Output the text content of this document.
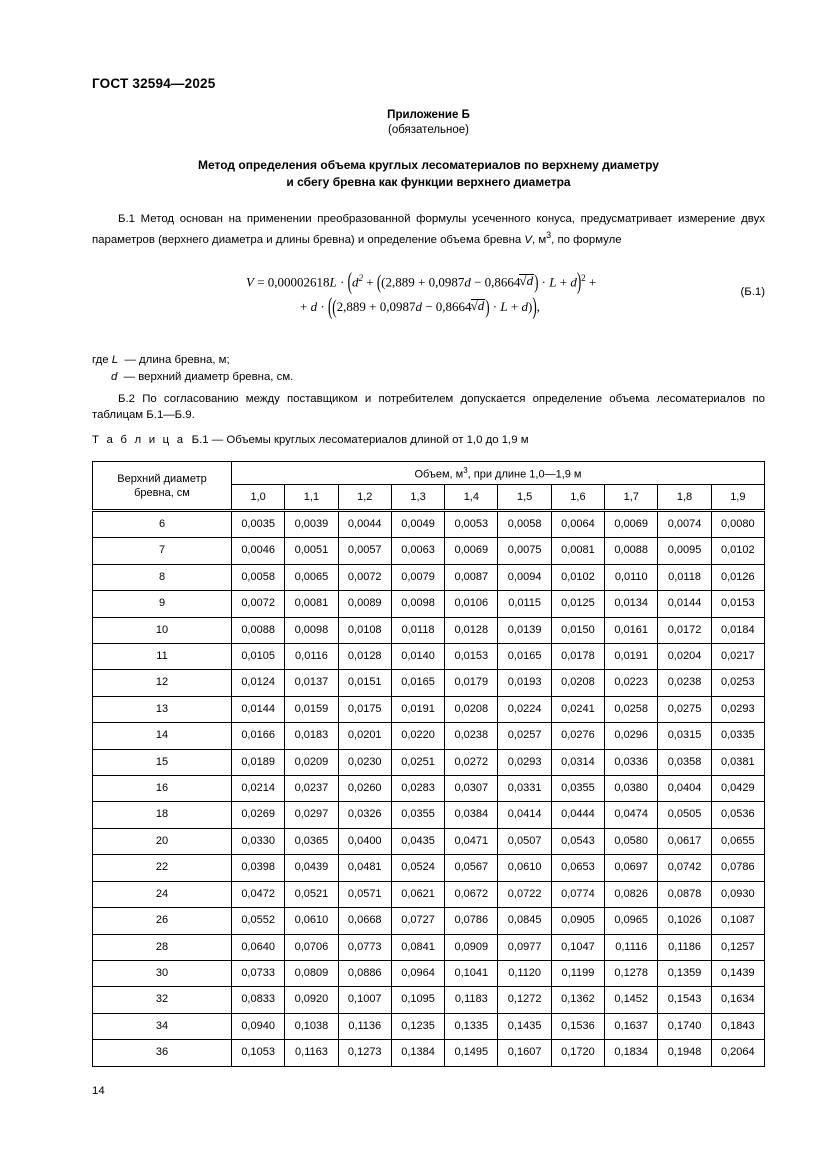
ГОСТ 32594—2025
Приложение Б
(обязательное)
Метод определения объема круглых лесоматериалов по верхнему диаметру
и сбегу бревна как функции верхнего диаметра
Б.1 Метод основан на применении преобразованной формулы усеченного конуса, предусматривает измерение двух параметров (верхнего диаметра и длины бревна) и определение объема бревна V, $м^3$, по формуле
$V = 0,00002618L \cdot (d^2 + ((2,889 + 0,0987d - 0,8664√d) \cdot L + d)^2$ +
+ d · ((2,889 + 0,0987d − 0,8664√d) · L + d)),
(Б.1)
где L  — длина бревна, м;
d  — верхний диаметр бревна, см.
Б.2 По согласованию между поставщиком и потребителем допускается определение объема лесоматериалов по таблицам Б.1—Б.9.
Т а б л и ц а Б.1 — Объемы круглых лесоматериалов длиной от 1,0 до 1,9 м
Верхний диаметр
бревна, см	Объем, $м^3$, при длине 1,0—1,9 м									
	1,0	1,1	1,2	1,3	1,4	1,5	1,6	1,7	1,8	1,9
6	0,0035	0,0039	0,0044	0,0049	0,0053	0,0058	0,0064	0,0069	0,0074	0,0080
7	0,0046	0,0051	0,0057	0,0063	0,0069	0,0075	0,0081	0,0088	0,0095	0,0102
8	0,0058	0,0065	0,0072	0,0079	0,0087	0,0094	0,0102	0,0110	0,0118	0,0126
9	0,0072	0,0081	0,0089	0,0098	0,0106	0,0115	0,0125	0,0134	0,0144	0,0153
10	0,0088	0,0098	0,0108	0,0118	0,0128	0,0139	0,0150	0,0161	0,0172	0,0184
11	0,0105	0,0116	0,0128	0,0140	0,0153	0,0165	0,0178	0,0191	0,0204	0,0217
12	0,0124	0,0137	0,0151	0,0165	0,0179	0,0193	0,0208	0,0223	0,0238	0,0253
13	0,0144	0,0159	0,0175	0,0191	0,0208	0,0224	0,0241	0,0258	0,0275	0,0293
14	0,0166	0,0183	0,0201	0,0220	0,0238	0,0257	0,0276	0,0296	0,0315	0,0335
15	0,0189	0,0209	0,0230	0,0251	0,0272	0,0293	0,0314	0,0336	0,0358	0,0381
16	0,0214	0,0237	0,0260	0,0283	0,0307	0,0331	0,0355	0,0380	0,0404	0,0429
18	0,0269	0,0297	0,0326	0,0355	0,0384	0,0414	0,0444	0,0474	0,0505	0,0536
20	0,0330	0,0365	0,0400	0,0435	0,0471	0,0507	0,0543	0,0580	0,0617	0,0655
22	0,0398	0,0439	0,0481	0,0524	0,0567	0,0610	0,0653	0,0697	0,0742	0,0786
24	0,0472	0,0521	0,0571	0,0621	0,0672	0,0722	0,0774	0,0826	0,0878	0,0930
26	0,0552	0,0610	0,0668	0,0727	0,0786	0,0845	0,0905	0,0965	0,1026	0,1087
28	0,0640	0,0706	0,0773	0,0841	0,0909	0,0977	0,1047	0,1116	0,1186	0,1257
30	0,0733	0,0809	0,0886	0,0964	0,1041	0,1120	0,1199	0,1278	0,1359	0,1439
32	0,0833	0,0920	0,1007	0,1095	0,1183	0,1272	0,1362	0,1452	0,1543	0,1634
34	0,0940	0,1038	0,1136	0,1235	0,1335	0,1435	0,1536	0,1637	0,1740	0,1843
36	0,1053	0,1163	0,1273	0,1384	0,1495	0,1607	0,1720	0,1834	0,1948	0,2064
14
